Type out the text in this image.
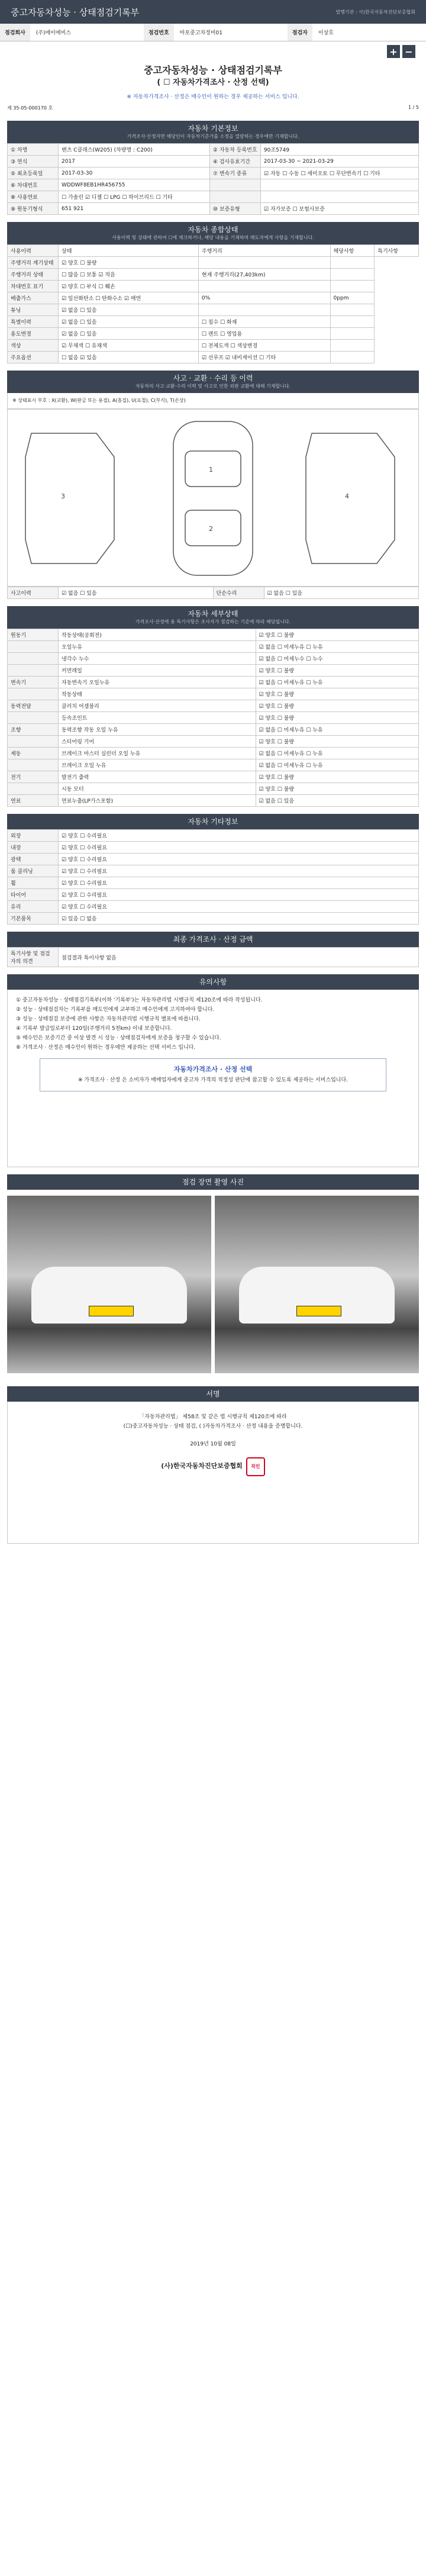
중고자동차성능 · 상태점검기록부	발행기관 : 사)한국자동차진단보증협회
점검회사	(주)에이에비스	점검번호	마포중고차정비01	점검자	이상호
+ −
중고자동차성능 · 상태점검기록부
( ☐ 자동차가격조사 · 산정 선택)
※ 자동차가격조사 · 산정은 매수인이 원하는 경우 제공하는 서비스 입니다.
제 35-05-000170 호	1 / 5
자동차 기본정보
가격조사·산정자만 해당인이 자동차기준가를 소정을 열람하는 경우에만 기재합니다.
① 차명	벤츠 C클래스(W205) (차량명 : C200)	② 자동차 등록번호	90조5749
③ 연식	2017	④ 검사유효기간	2017-03-30 ~ 2021-03-29
⑤ 최초등록일	2017-03-30	⑦ 변속기 종류	☑ 자동 ☐ 수동 ☐ 세미오토 ☐ 무단변속기 ☐ 기타
⑥ 차대번호	WDDWF8EB1HR456755		
⑧ 사용연료	☐ 가솔린 ☑ 디젤 ☐ LPG ☐ 하이브리드 ☐ 기타		
⑨ 원동기형식	651 921	⑩ 보증유형	☑ 자가보증 ☐ 보험사보증
자동차 종합상태
사용이력 및 상태에 관하여 ☐에 체크하거나, 해당 내용을 기재하며 매도자에게 사항을 기재합니다.
사용이력	상태	주행거리	해당사항	특기사항
주행거리 계기상태	☑ 양호 ☐ 불량			
주행거리 상태	☐ 많음 ☐ 보통 ☑ 적음	현재 주행거리(27,403km)		
차대번호 표기	☑ 양호 ☐ 부식 ☐ 훼손			
배출가스	☑ 일산화탄소 ☐ 탄화수소 ☑ 매연	0%	0ppm	
튜닝	☑ 없음 ☐ 있음			
특별이력	☑ 없음 ☐ 있음	☐ 침수 ☐ 화재		
용도변경	☑ 없음 ☐ 있음	☐ 렌트 ☐ 영업용		
색상	☑ 무채색 ☐ 유채색	☐ 전체도색 ☐ 색상변경		
주요옵션	☐ 없음 ☑ 있음	☑ 선루프 ☑ 내비게이션 ☐ 기타		
사고 · 교환 · 수리 등 이력
자동차의 사고·교환·수리 이력 및 사고로 인한 외판 교환에 대해 기재합니다.
※ 상태표시 부호 : X(교환), W(판금 또는 용접), A(흠집), U(요철), C(부식), T(손상)
1
2
3	4
사고이력	☑ 없음 ☐ 있음	단순수리	☑ 없음 ☐ 있음
자동차 세부상태
가격조사·산정에 용 특기사항은 조사자가 점검하는 기준에 따라 해당됩니다.
원동기	작동상태(공회전)	☑ 양호 ☐ 불량
	오일누유	☑ 없음 ☐ 미세누유 ☐ 누유
	냉각수 누수	☑ 없음 ☐ 미세누수 ☐ 누수
	커먼레일	☑ 양호 ☐ 불량
변속기	자동변속기 오일누유	☑ 없음 ☐ 미세누유 ☐ 누유
	작동상태	☑ 양호 ☐ 불량
동력전달	클러치 어셈블리	☑ 양호 ☐ 불량
	등속조인트	☑ 양호 ☐ 불량
조향	동력조향 작동 오일 누유	☑ 없음 ☐ 미세누유 ☐ 누유
	스티어링 기어	☑ 양호 ☐ 불량
제동	브레이크 마스터 실린더 오일 누유	☑ 없음 ☐ 미세누유 ☐ 누유
	브레이크 오일 누유	☑ 없음 ☐ 미세누유 ☐ 누유
전기	발전기 출력	☑ 양호 ☐ 불량
	시동 모터	☑ 양호 ☐ 불량
연료	연료누출(LP가스포함)	☑ 없음 ☐ 있음
자동차 기타정보
외장	☑ 양호 ☐ 수리필요
내장	☑ 양호 ☐ 수리필요
광택	☑ 양호 ☐ 수리필요
룸 클리닝	☑ 양호 ☐ 수리필요
휠	☑ 양호 ☐ 수리필요
타이어	☑ 양호 ☐ 수리필요
유리	☑ 양호 ☐ 수리필요
기본품목	☑ 있음 ☐ 없음
최종 가격조사 · 산정 금액
특기사항 및 점검자의 의견	점검결과 특이사항 없음
유의사항
① 중고자동차성능 · 상태점검기록부(이하 '기록부')는 자동차관리법 시행규칙 제120조에 따라 작성됩니다.
② 성능 · 상태점검자는 기록부를 매도인에게 교부하고 매수인에게 고지하여야 합니다.
③ 성능 · 상태점검 보증에 관한 사항은 자동차관리법 시행규칙 별표에 따릅니다.
④ 기록부 발급일로부터 120일(주행거리 5천km) 이내 보증합니다.
⑤ 매수인은 보증기간 중 이상 발견 시 성능 · 상태점검자에게 보증을 청구할 수 있습니다.
⑥ 가격조사 · 산정은 매수인이 원하는 경우에만 제공하는 선택 서비스 입니다.
자동차가격조사 · 산정 선택
※ 가격조사 · 산정 은 소비자가 매매업자에게 중고차 가격의 적정성 판단에 참고할 수 있도록 제공하는 서비스입니다.
점검 장면 촬영 사진
서명
「자동차관리법」 제58조 및 같은 법 시행규칙 제120조에 따라
(☐)중고자동차성능 · 상태 점검, ( )자동차가격조사 · 산정 내용을 증명합니다.
2019년 10월 08일
(사)한국자동차진단보증협회 직인
